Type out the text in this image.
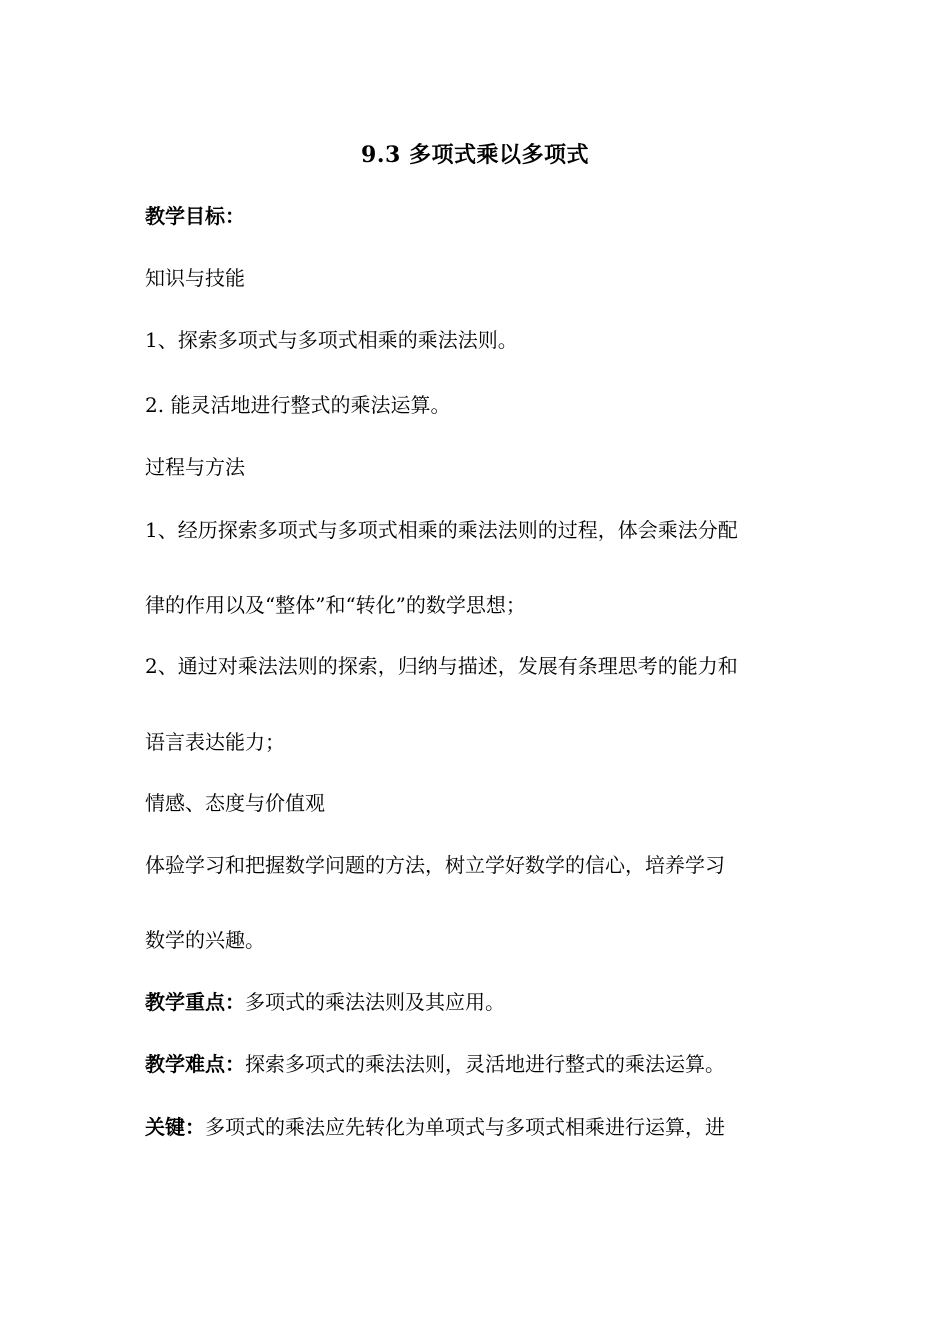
9.3 多项式乘以多项式
教学目标：
知识与技能
1、探索多项式与多项式相乘的乘法法则。
2. 能灵活地进行整式的乘法运算。
过程与方法
1、经历探索多项式与多项式相乘的乘法法则的过程，体会乘法分配
律的作用以及“整体”和“转化”的数学思想；
2、通过对乘法法则的探索，归纳与描述，发展有条理思考的能力和
语言表达能力；
情感、态度与价值观
体验学习和把握数学问题的方法，树立学好数学的信心，培养学习
数学的兴趣。
教学重点：多项式的乘法法则及其应用。
教学难点：探索多项式的乘法法则，灵活地进行整式的乘法运算。
关键：多项式的乘法应先转化为单项式与多项式相乘进行运算，进
